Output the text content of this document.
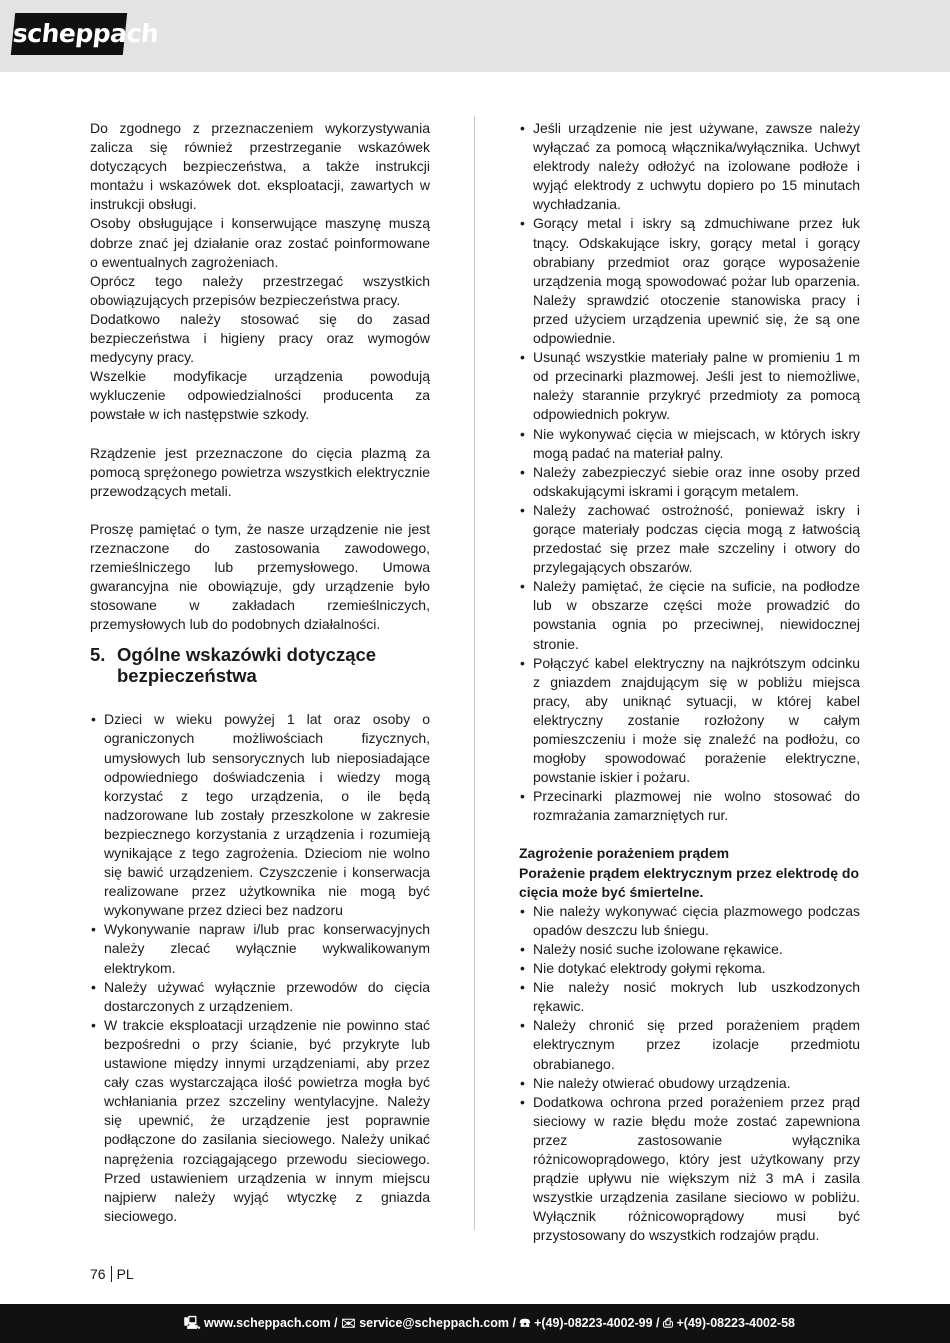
scheppach

Do zgodnego z przeznaczeniem wykorzystywania zalicza się również przestrzeganie wskazówek dotyczących bezpieczeństwa, a także instrukcji montażu i wskazówek dot. eksploatacji, zawartych w instrukcji obsługi.

Osoby obsługujące i konserwujące maszynę muszą dobrze znać jej działanie oraz zostać poinformowane o ewentualnych zagrożeniach.

Oprócz tego należy przestrzegać wszystkich obowiązujących przepisów bezpieczeństwa pracy.

Dodatkowo należy stosować się do zasad bezpieczeństwa i higieny pracy oraz wymogów medycyny pracy.

Wszelkie modyfikacje urządzenia powodują wykluczenie odpowiedzialności producenta za powstałe w ich następstwie szkody.

Rządzenie jest przeznaczone do cięcia plazmą za pomocą sprężonego powietrza wszystkich elektrycznie przewodzących metali.

Proszę pamiętać o tym, że nasze urządzenie nie jest rzeznaczone do zastosowania zawodowego, rzemieślniczego lub przemysłowego. Umowa gwarancyjna nie obowiązuje, gdy urządzenie było stosowane w zakładach rzemieślniczych, przemysłowych lub do podobnych działalności.

5. Ogólne wskazówki dotyczące bezpieczeństwa
• Dzieci w wieku powyżej 1 lat oraz osoby o ograniczonych możliwościach fizycznych, umysłowych lub sensorycznych lub nieposiadające odpowiedniego doświadczenia i wiedzy mogą korzystać z tego urządzenia, o ile będą nadzorowane lub zostały przeszkolone w zakresie bezpiecznego korzystania z urządzenia i rozumieją wynikające z tego zagrożenia. Dzieciom nie wolno się bawić urządzeniem. Czyszczenie i konserwacja realizowane przez użytkownika nie mogą być wykonywane przez dzieci bez nadzoru
• Wykonywanie napraw i/lub prac konserwacyjnych należy zlecać wyłącznie wykwalikowanym elektrykom.
• Należy używać wyłącznie przewodów do cięcia dostarczonych z urządzeniem.
• W trakcie eksploatacji urządzenie nie powinno stać bezpośredni o przy ścianie, być przykryte lub ustawione między innymi urządzeniami, aby przez cały czas wystarczająca ilość powietrza mogła być wchłaniania przez szczeliny wentylacyjne. Należy się upewnić, że urządzenie jest poprawnie podłączone do zasilania sieciowego. Należy unikać naprężenia rozciągającego przewodu sieciowego. Przed ustawieniem urządzenia w innym miejscu najpierw należy wyjąć wtyczkę z gniazda sieciowego.
• Jeśli urządzenie nie jest używane, zawsze należy wyłączać za pomocą włącznika/wyłącznika. Uchwyt elektrody należy odłożyć na izolowane podłoże i wyjąć elektrody z uchwytu dopiero po 15 minutach wychładzania.
• Gorący metal i iskry są zdmuchiwane przez łuk tnący. Odskakujące iskry, gorący metal i gorący obrabiany przedmiot oraz gorące wyposażenie urządzenia mogą spowodować pożar lub oparzenia. Należy sprawdzić otoczenie stanowiska pracy i przed użyciem urządzenia upewnić się, że są one odpowiednie.
• Usunąć wszystkie materiały palne w promieniu 1 m od przecinarki plazmowej. Jeśli jest to niemożliwe, należy starannie przykryć przedmioty za pomocą odpowiednich pokryw.
• Nie wykonywać cięcia w miejscach, w których iskry mogą padać na materiał palny.
• Należy zabezpieczyć siebie oraz inne osoby przed odskakującymi iskrami i gorącym metalem.
• Należy zachować ostrożność, ponieważ iskry i gorące materiały podczas cięcia mogą z łatwością przedostać się przez małe szczeliny i otwory do przylegających obszarów.
• Należy pamiętać, że cięcie na suficie, na podłodze lub w obszarze części może prowadzić do powstania ognia po przeciwnej, niewidocznej stronie.
• Połączyć kabel elektryczny na najkrótszym odcinku z gniazdem znajdującym się w pobliżu miejsca pracy, aby uniknąć sytuacji, w której kabel elektryczny zostanie rozłożony w całym pomieszczeniu i może się znaleźć na podłożu, co mogłoby spowodować porażenie elektryczne, powstanie iskier i pożaru.
• Przecinarki plazmowej nie wolno stosować do rozmrażania zamarzniętych rur.

Zagrożenie porażeniem prądem

Porażenie prądem elektrycznym przez elektrodę do cięcia może być śmiertelne.

• Nie należy wykonywać cięcia plazmowego podczas opadów deszczu lub śniegu.
• Należy nosić suche izolowane rękawice.
• Nie dotykać elektrody gołymi rękoma.
• Nie należy nosić mokrych lub uszkodzonych rękawic.
• Należy chronić się przed porażeniem prądem elektrycznym przez izolacje przedmiotu obrabianego.
• Nie należy otwierać obudowy urządzenia.
• Dodatkowa ochrona przed porażeniem przez prąd sieciowy w razie błędu może zostać zapewniona przez zastosowanie wyłącznika różnicowoprądowego, który jest użytkowany przy prądzie upływu nie większym niż 3 mA i zasila wszystkie urządzenia zasilane sieciowo w pobliżu. Wyłącznik różnicowoprądowy musi być przystosowany do wszystkich rodzajów prądu.
76 PL
🖳 www.scheppach.com / ✉ service@scheppach.com / ☎ +(49)-08223-4002-99 / ⎙ +(49)-08223-4002-58
